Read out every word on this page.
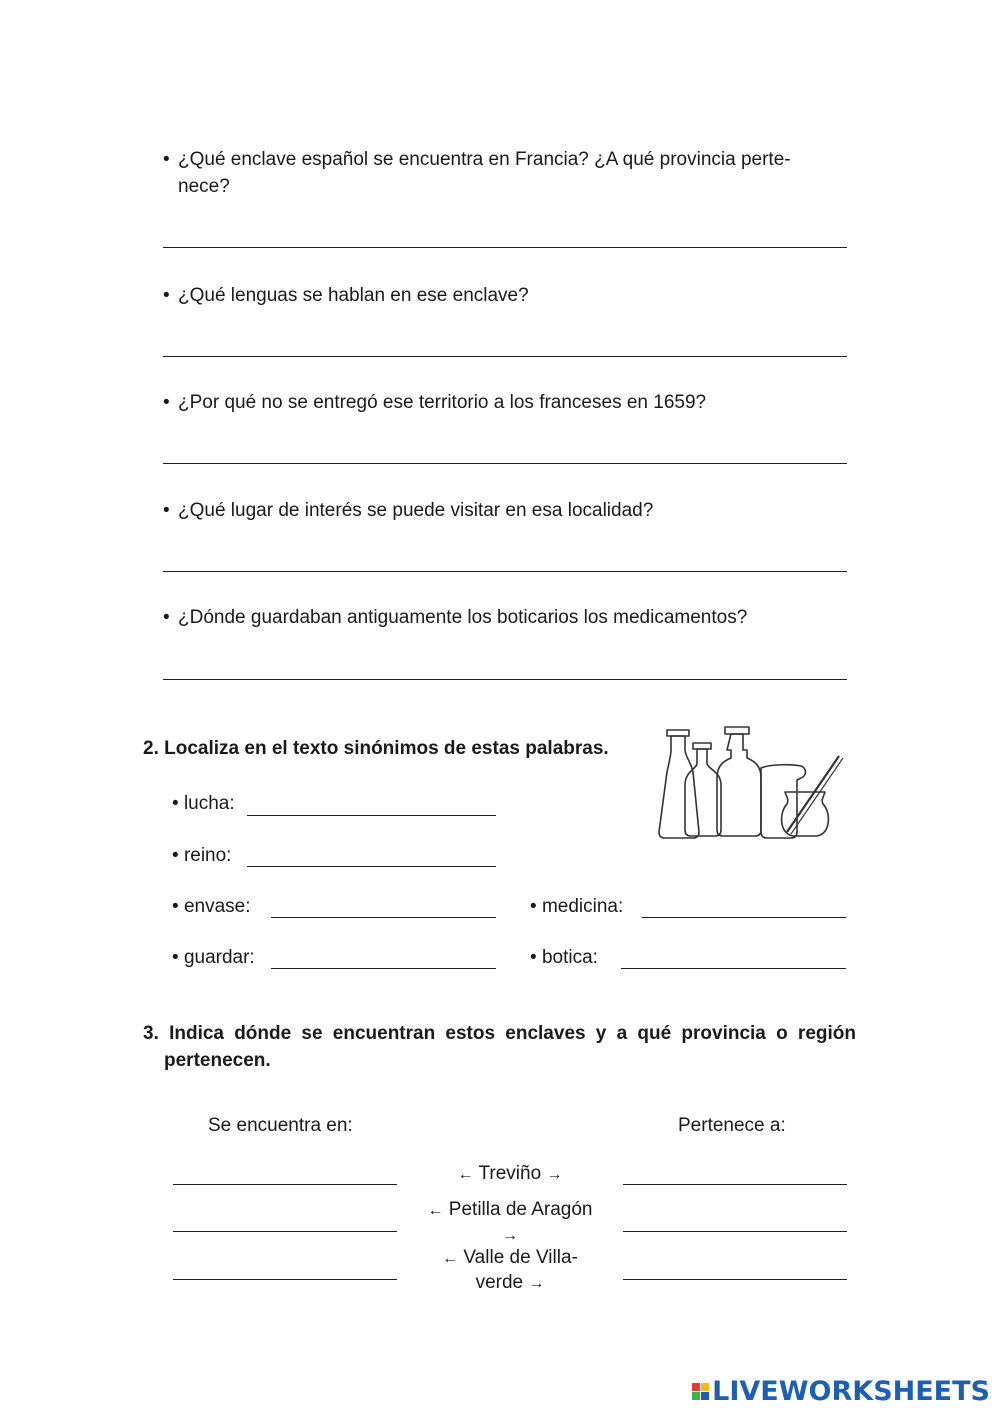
• ¿Qué enclave español se encuentra en Francia? ¿A qué provincia perte-
nece?
• ¿Qué lenguas se hablan en ese enclave?
• ¿Por qué no se entregó ese territorio a los franceses en 1659?
• ¿Qué lugar de interés se puede visitar en esa localidad?
• ¿Dónde guardaban antiguamente los boticarios los medicamentos?
2. Localiza en el texto sinónimos de estas palabras.
• lucha:
• reino:
• envase:	• medicina:
• guardar:	• botica:
3. Indica dónde se encuentran estos enclaves y a qué provincia o región
pertenecen.
Se encuentra en:	Pertenece a:
← Treviño →
← Petilla de Aragón
→
← Valle de Villa-
verde →
LIVEWORKSHEETS
